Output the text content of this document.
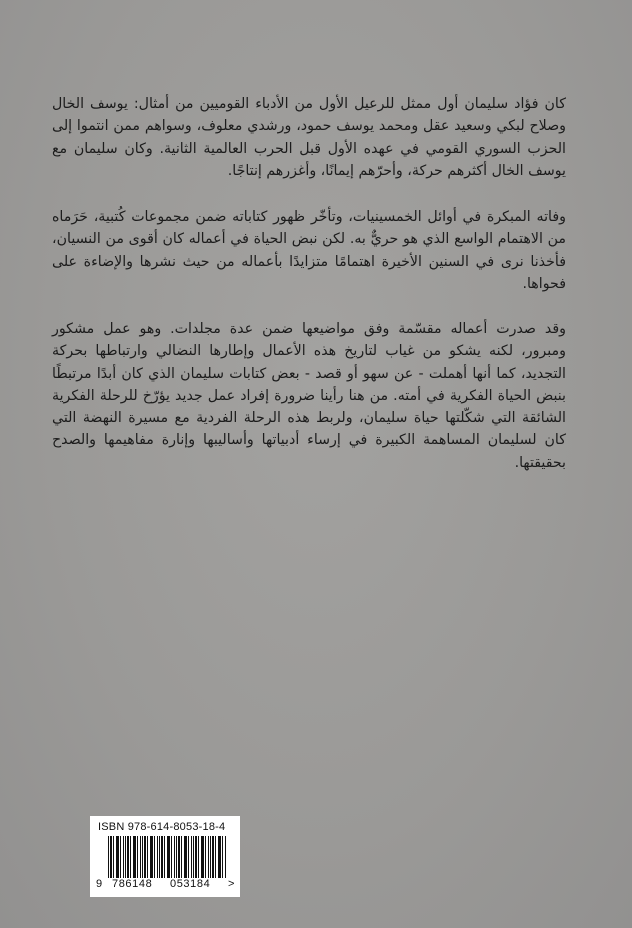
كان فؤاد سليمان أول ممثل للرعيل الأول من الأدباء القوميين من أمثال: يوسف الخال وصلاح لبكي وسعيد عقل ومحمد يوسف حمود، ورشدي معلوف، وسواهم ممن انتموا إلى الحزب السوري القومي في عهده الأول قبل الحرب العالمية الثانية. وكان سليمان مع يوسف الخال أكثرهم حركة، وأحرّهم إيمانًا، وأغزرهم إنتاجًا.

وفاته المبكرة في أوائل الخمسينيات، وتأخّر ظهور كتاباته ضمن مجموعات كُتبية، حَرَماه من الاهتمام الواسع الذي هو حريٌّ به. لكن نبض الحياة في أعماله كان أقوى من النسيان، فأخذنا نرى في السنين الأخيرة اهتمامًا متزايدًا بأعماله من حيث نشرها والإضاءة على فحواها.

وقد صدرت أعماله مقسّمة وفق مواضيعها ضمن عدة مجلدات. وهو عمل مشكور ومبرور، لكنه يشكو من غياب لتاريخ هذه الأعمال وإطارها النضالي وارتباطها بحركة التجديد، كما أنها أهملت - عن سهو أو قصد - بعض كتابات سليمان الذي كان أبدًا مرتبطًا بنبض الحياة الفكرية في أمته. من هنا رأينا ضرورة إفراد عمل جديد يؤرّخ للرحلة الفكرية الشائقة التي شكّلتها حياة سليمان، ولربط هذه الرحلة الفردية مع مسيرة النهضة التي كان لسليمان المساهمة الكبيرة في إرساء أدبياتها وأساليبها وإنارة مفاهيمها والصدح بحقيقتها.

ISBN 978-614-8053-18-4
9 786148 053184 >
